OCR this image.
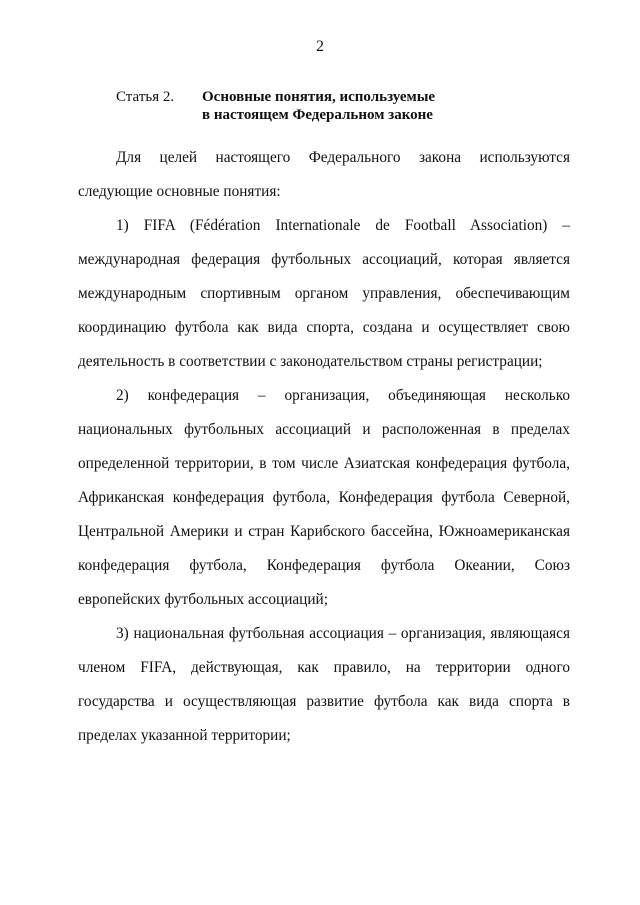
2
Статья 2. Основные понятия, используемые
в настоящем Федеральном законе

Для целей настоящего Федерального закона используются следующие основные понятия:

1) FIFA (Fédération Internationale de Football Association) – международная федерация футбольных ассоциаций, которая является международным спортивным органом управления, обеспечивающим координацию футбола как вида спорта, создана и осуществляет свою деятельность в соответствии с законодательством страны регистрации;

2) конфедерация – организация, объединяющая несколько национальных футбольных ассоциаций и расположенная в пределах определенной территории, в том числе Азиатская конфедерация футбола, Африканская конфедерация футбола, Конфедерация футбола Северной, Центральной Америки и стран Карибского бассейна, Южноамериканская конфедерация футбола, Конфедерация футбола Океании, Союз европейских футбольных ассоциаций;

3) национальная футбольная ассоциация – организация, являющаяся членом FIFA, действующая, как правило, на территории одного государства и осуществляющая развитие футбола как вида спорта в пределах указанной территории;
